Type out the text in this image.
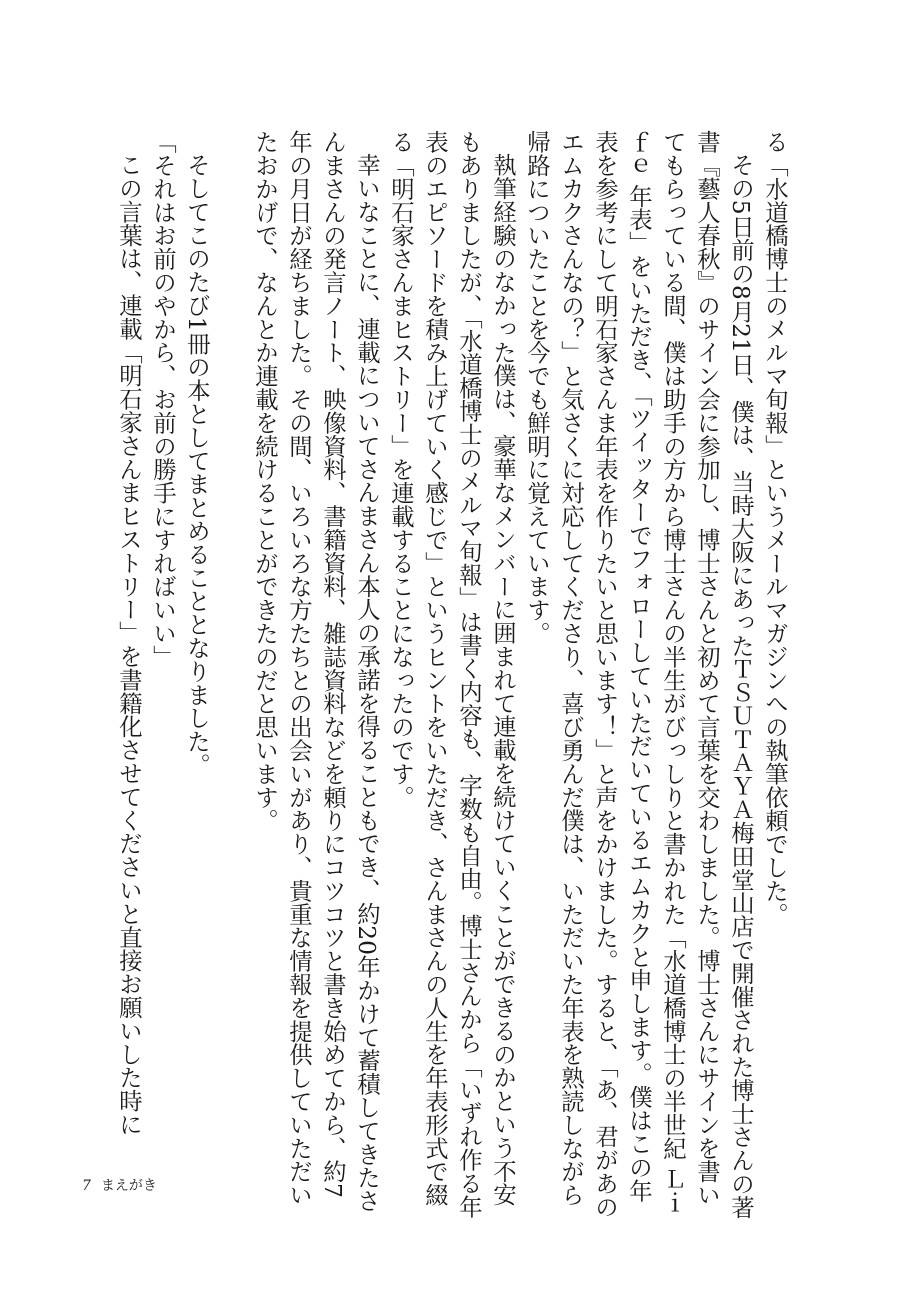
る「水道橋博士のメルマ旬報」というメールマガジンへの執筆依頼でした。

その5日前の8月21日、僕は、当時大阪にあったＴＳＵＴＡＹＡ梅田堂山店で開催された博士さんの著書『藝人春秋』のサイン会に参加し、博士さんと初めて言葉を交わしました。博士さんにサインを書いてもらっている間、僕は助手の方から博士さんの半生がびっしりと書かれた「水道橋博士の半世紀 Ｌｉｆｅ 年表」をいただき、「ツイッターでフォローしていただいているエムカクと申します。僕はこの年表を参考にして明石家さんま年表を作りたいと思います！」と声をかけました。すると、「あ、君があのエムカクさんなの？」と気さくに対応してくださり、喜び勇んだ僕は、いただいた年表を熟読しながら帰路についたことを今でも鮮明に覚えています。

執筆経験のなかった僕は、豪華なメンバーに囲まれて連載を続けていくことができるのかという不安もありましたが、「水道橋博士のメルマ旬報」は書く内容も、字数も自由。博士さんから「いずれ作る年表のエピソードを積み上げていく感じで」というヒントをいただき、さんまさんの人生を年表形式で綴る「明石家さんまヒストリー」を連載することになったのです。

幸いなことに、連載についてさんまさん本人の承諾を得ることもでき、約20年かけて蓄積してきたさんまさんの発言ノート、映像資料、書籍資料、雑誌資料などを頼りにコツコツと書き始めてから、約7年の月日が経ちました。その間、いろいろな方たちとの出会いがあり、貴重な情報を提供していただいたおかげで、なんとか連載を続けることができたのだと思います。

そしてこのたび1冊の本としてまとめることとなりました。

「それはお前のやから、お前の勝手にすればいい」

この言葉は、連載「明石家さんまヒストリー」を書籍化させてくださいと直接お願いした時に

7 まえがき
